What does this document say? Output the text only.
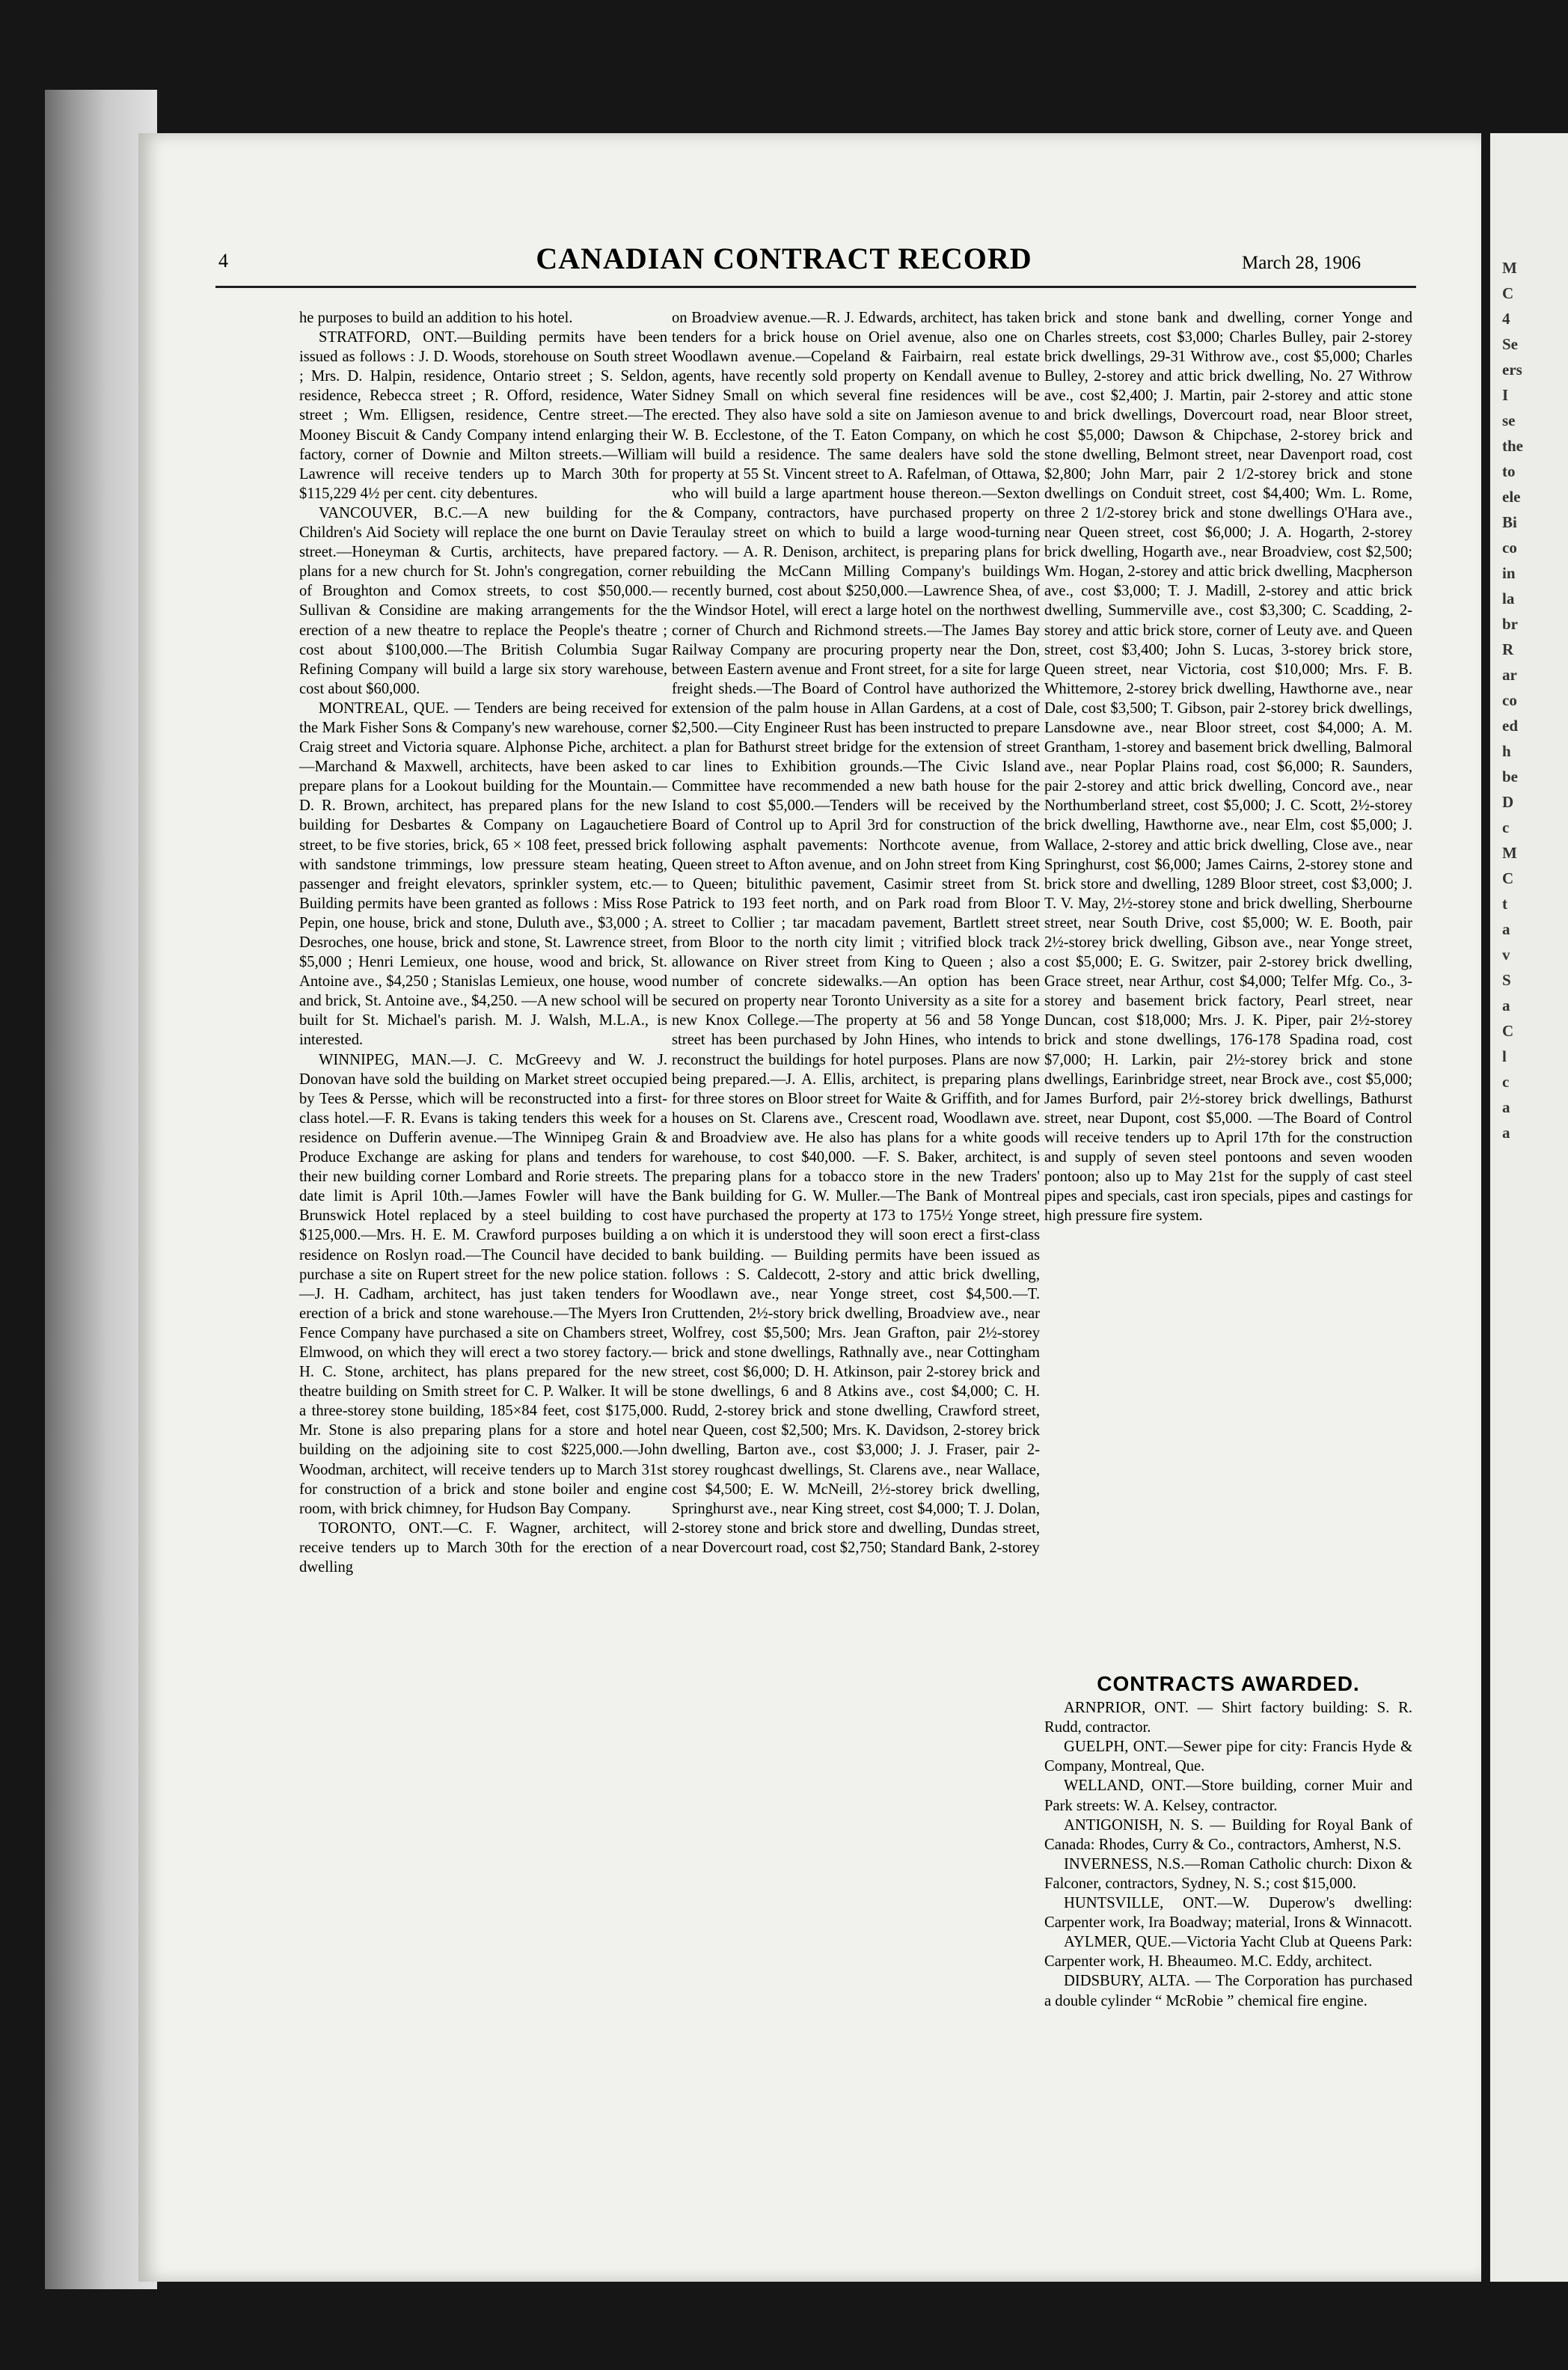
M
C
4
Se
ers
I
se
the
to
ele
Bi
co
in
la
br
R
ar
co
ed
h
be
D
c
M
C
t
a
v
S
a
C
l
c
a
a
4	CANADIAN CONTRACT RECORD	March 28, 1906

he purposes to build an addition to his hotel.

STRATFORD, ONT.—Building permits have been issued as follows : J. D. Woods, storehouse on South street ; Mrs. D. Halpin, residence, Ontario street ; S. Seldon, residence, Rebecca street ; R. Offord, residence, Water street ; Wm. Elligsen, residence, Centre street.—The Mooney Biscuit & Candy Company intend enlarging their factory, corner of Downie and Milton streets.—William Lawrence will receive tenders up to March 30th for $115,229 4½ per cent. city debentures.

VANCOUVER, B.C.—A new building for the Children's Aid Society will replace the one burnt on Davie street.—Honeyman & Curtis, architects, have prepared plans for a new church for St. John's congregation, corner of Broughton and Comox streets, to cost $50,000.—Sullivan & Considine are making arrangements for the erection of a new theatre to replace the People's theatre ; cost about $100,000.—The British Columbia Sugar Refining Company will build a large six story warehouse, cost about $60,000.

MONTREAL, QUE. — Tenders are being received for the Mark Fisher Sons & Company's new warehouse, corner Craig street and Victoria square. Alphonse Piche, architect.—Marchand & Maxwell, architects, have been asked to prepare plans for a Lookout building for the Mountain.—D. R. Brown, architect, has prepared plans for the new building for Desbartes & Company on Lagauchetiere street, to be five stories, brick, 65 × 108 feet, pressed brick with sandstone trimmings, low pressure steam heating, passenger and freight elevators, sprinkler system, etc.—Building permits have been granted as follows : Miss Rose Pepin, one house, brick and stone, Duluth ave., $3,000 ; A. Desroches, one house, brick and stone, St. Lawrence street, $5,000 ; Henri Lemieux, one house, wood and brick, St. Antoine ave., $4,250 ; Stanislas Lemieux, one house, wood and brick, St. Antoine ave., $4,250. —A new school will be built for St. Michael's parish. M. J. Walsh, M.L.A., is interested.

WINNIPEG, MAN.—J. C. McGreevy and W. J. Donovan have sold the building on Market street occupied by Tees & Persse, which will be reconstructed into a first-class hotel.—F. R. Evans is taking tenders this week for a residence on Dufferin avenue.—The Winnipeg Grain & Produce Exchange are asking for plans and tenders for their new building corner Lombard and Rorie streets. The date limit is April 10th.—James Fowler will have the Brunswick Hotel replaced by a steel building to cost $125,000.—Mrs. H. E. M. Crawford purposes building a residence on Roslyn road.—The Council have decided to purchase a site on Rupert street for the new police station.—J. H. Cadham, architect, has just taken tenders for erection of a brick and stone warehouse.—The Myers Iron Fence Company have purchased a site on Chambers street, Elmwood, on which they will erect a two storey factory.—H. C. Stone, architect, has plans prepared for the new theatre building on Smith street for C. P. Walker. It will be a three-storey stone building, 185×84 feet, cost $175,000. Mr. Stone is also preparing plans for a store and hotel building on the adjoining site to cost $225,000.—John Woodman, architect, will receive tenders up to March 31st for construction of a brick and stone boiler and engine room, with brick chimney, for Hudson Bay Company.

TORONTO, ONT.—C. F. Wagner, architect, will receive tenders up to March 30th for the erection of a dwelling

on Broadview avenue.—R. J. Edwards, architect, has taken tenders for a brick house on Oriel avenue, also one on Woodlawn avenue.—Copeland & Fairbairn, real estate agents, have recently sold property on Kendall avenue to Sidney Small on which several fine residences will be erected. They also have sold a site on Jamieson avenue to W. B. Ecclestone, of the T. Eaton Company, on which he will build a residence. The same dealers have sold the property at 55 St. Vincent street to A. Rafelman, of Ottawa, who will build a large apartment house thereon.—Sexton & Company, contractors, have purchased property on Teraulay street on which to build a large wood-turning factory. — A. R. Denison, architect, is preparing plans for rebuilding the McCann Milling Company's buildings recently burned, cost about $250,000.—Lawrence Shea, of the Windsor Hotel, will erect a large hotel on the northwest corner of Church and Richmond streets.—The James Bay Railway Company are procuring property near the Don, between Eastern avenue and Front street, for a site for large freight sheds.—The Board of Control have authorized the extension of the palm house in Allan Gardens, at a cost of $2,500.—City Engineer Rust has been instructed to prepare a plan for Bathurst street bridge for the extension of street car lines to Exhibition grounds.—The Civic Island Committee have recommended a new bath house for the Island to cost $5,000.—Tenders will be received by the Board of Control up to April 3rd for construction of the following asphalt pavements: Northcote avenue, from Queen street to Afton avenue, and on John street from King to Queen; bitulithic pavement, Casimir street from St. Patrick to 193 feet north, and on Park road from Bloor street to Collier ; tar macadam pavement, Bartlett street from Bloor to the north city limit ; vitrified block track allowance on River street from King to Queen ; also a number of concrete sidewalks.—An option has been secured on property near Toronto University as a site for a new Knox College.—The property at 56 and 58 Yonge street has been purchased by John Hines, who intends to reconstruct the buildings for hotel purposes. Plans are now being prepared.—J. A. Ellis, architect, is preparing plans for three stores on Bloor street for Waite & Griffith, and for houses on St. Clarens ave., Crescent road, Woodlawn ave. and Broadview ave. He also has plans for a white goods warehouse, to cost $40,000. —F. S. Baker, architect, is preparing plans for a tobacco store in the new Traders' Bank building for G. W. Muller.—The Bank of Montreal have purchased the property at 173 to 175½ Yonge street, on which it is understood they will soon erect a first-class bank building. — Building permits have been issued as follows : S. Caldecott, 2-story and attic brick dwelling, Woodlawn ave., near Yonge street, cost $4,500.—T. Cruttenden, 2½-story brick dwelling, Broadview ave., near Wolfrey, cost $5,500; Mrs. Jean Grafton, pair 2½-storey brick and stone dwellings, Rathnally ave., near Cottingham street, cost $6,000; D. H. Atkinson, pair 2-storey brick and stone dwellings, 6 and 8 Atkins ave., cost $4,000; C. H. Rudd, 2-storey brick and stone dwelling, Crawford street, near Queen, cost $2,500; Mrs. K. Davidson, 2-storey brick dwelling, Barton ave., cost $3,000; J. J. Fraser, pair 2-storey roughcast dwellings, St. Clarens ave., near Wallace, cost $4,500; E. W. McNeill, 2½-storey brick dwelling, Springhurst ave., near King street, cost $4,000; T. J. Dolan, 2-storey stone and brick store and dwelling, Dundas street, near Dovercourt road, cost $2,750; Standard Bank, 2-storey

brick and stone bank and dwelling, corner Yonge and Charles streets, cost $3,000; Charles Bulley, pair 2-storey brick dwellings, 29-31 Withrow ave., cost $5,000; Charles Bulley, 2-storey and attic brick dwelling, No. 27 Withrow ave., cost $2,400; J. Martin, pair 2-storey and attic stone and brick dwellings, Dovercourt road, near Bloor street, cost $5,000; Dawson & Chipchase, 2-storey brick and stone dwelling, Belmont street, near Davenport road, cost $2,800; John Marr, pair 2 1/2-storey brick and stone dwellings on Conduit street, cost $4,400; Wm. L. Rome, three 2 1/2-storey brick and stone dwellings O'Hara ave., near Queen street, cost $6,000; J. A. Hogarth, 2-storey brick dwelling, Hogarth ave., near Broadview, cost $2,500; Wm. Hogan, 2-storey and attic brick dwelling, Macpherson ave., cost $3,000; T. J. Madill, 2-storey and attic brick dwelling, Summerville ave., cost $3,300; C. Scadding, 2-storey and attic brick store, corner of Leuty ave. and Queen street, cost $3,400; John S. Lucas, 3-storey brick store, Queen street, near Victoria, cost $10,000; Mrs. F. B. Whittemore, 2-storey brick dwelling, Hawthorne ave., near Dale, cost $3,500; T. Gibson, pair 2-storey brick dwellings, Lansdowne ave., near Bloor street, cost $4,000; A. M. Grantham, 1-storey and basement brick dwelling, Balmoral ave., near Poplar Plains road, cost $6,000; R. Saunders, pair 2-storey and attic brick dwelling, Concord ave., near Northumberland street, cost $5,000; J. C. Scott, 2½-storey brick dwelling, Hawthorne ave., near Elm, cost $5,000; J. Wallace, 2-storey and attic brick dwelling, Close ave., near Springhurst, cost $6,000; James Cairns, 2-storey stone and brick store and dwelling, 1289 Bloor street, cost $3,000; J. T. V. May, 2½-storey stone and brick dwelling, Sherbourne street, near South Drive, cost $5,000; W. E. Booth, pair 2½-storey brick dwelling, Gibson ave., near Yonge street, cost $5,000; E. G. Switzer, pair 2-storey brick dwelling, Grace street, near Arthur, cost $4,000; Telfer Mfg. Co., 3-storey and basement brick factory, Pearl street, near Duncan, cost $18,000; Mrs. J. K. Piper, pair 2½-storey brick and stone dwellings, 176-178 Spadina road, cost $7,000; H. Larkin, pair 2½-storey brick and stone dwellings, Earinbridge street, near Brock ave., cost $5,000; James Burford, pair 2½-storey brick dwellings, Bathurst street, near Dupont, cost $5,000. —The Board of Control will receive tenders up to April 17th for the construction and supply of seven steel pontoons and seven wooden pontoon; also up to May 21st for the supply of cast steel pipes and specials, cast iron specials, pipes and castings for high pressure fire system.

CONTRACTS AWARDED.

ARNPRIOR, ONT. — Shirt factory building: S. R. Rudd, contractor.

GUELPH, ONT.—Sewer pipe for city: Francis Hyde & Company, Montreal, Que.

WELLAND, ONT.—Store building, corner Muir and Park streets: W. A. Kelsey, contractor.

ANTIGONISH, N. S. — Building for Royal Bank of Canada: Rhodes, Curry & Co., contractors, Amherst, N.S.

INVERNESS, N.S.—Roman Catholic church: Dixon & Falconer, contractors, Sydney, N. S.; cost $15,000.

HUNTSVILLE, ONT.—W. Duperow's dwelling: Carpenter work, Ira Boadway; material, Irons & Winnacott.

AYLMER, QUE.—Victoria Yacht Club at Queens Park: Carpenter work, H. Bheaumeo. M.C. Eddy, architect.

DIDSBURY, ALTA. — The Corporation has purchased a double cylinder “ McRobie ” chemical fire engine.
